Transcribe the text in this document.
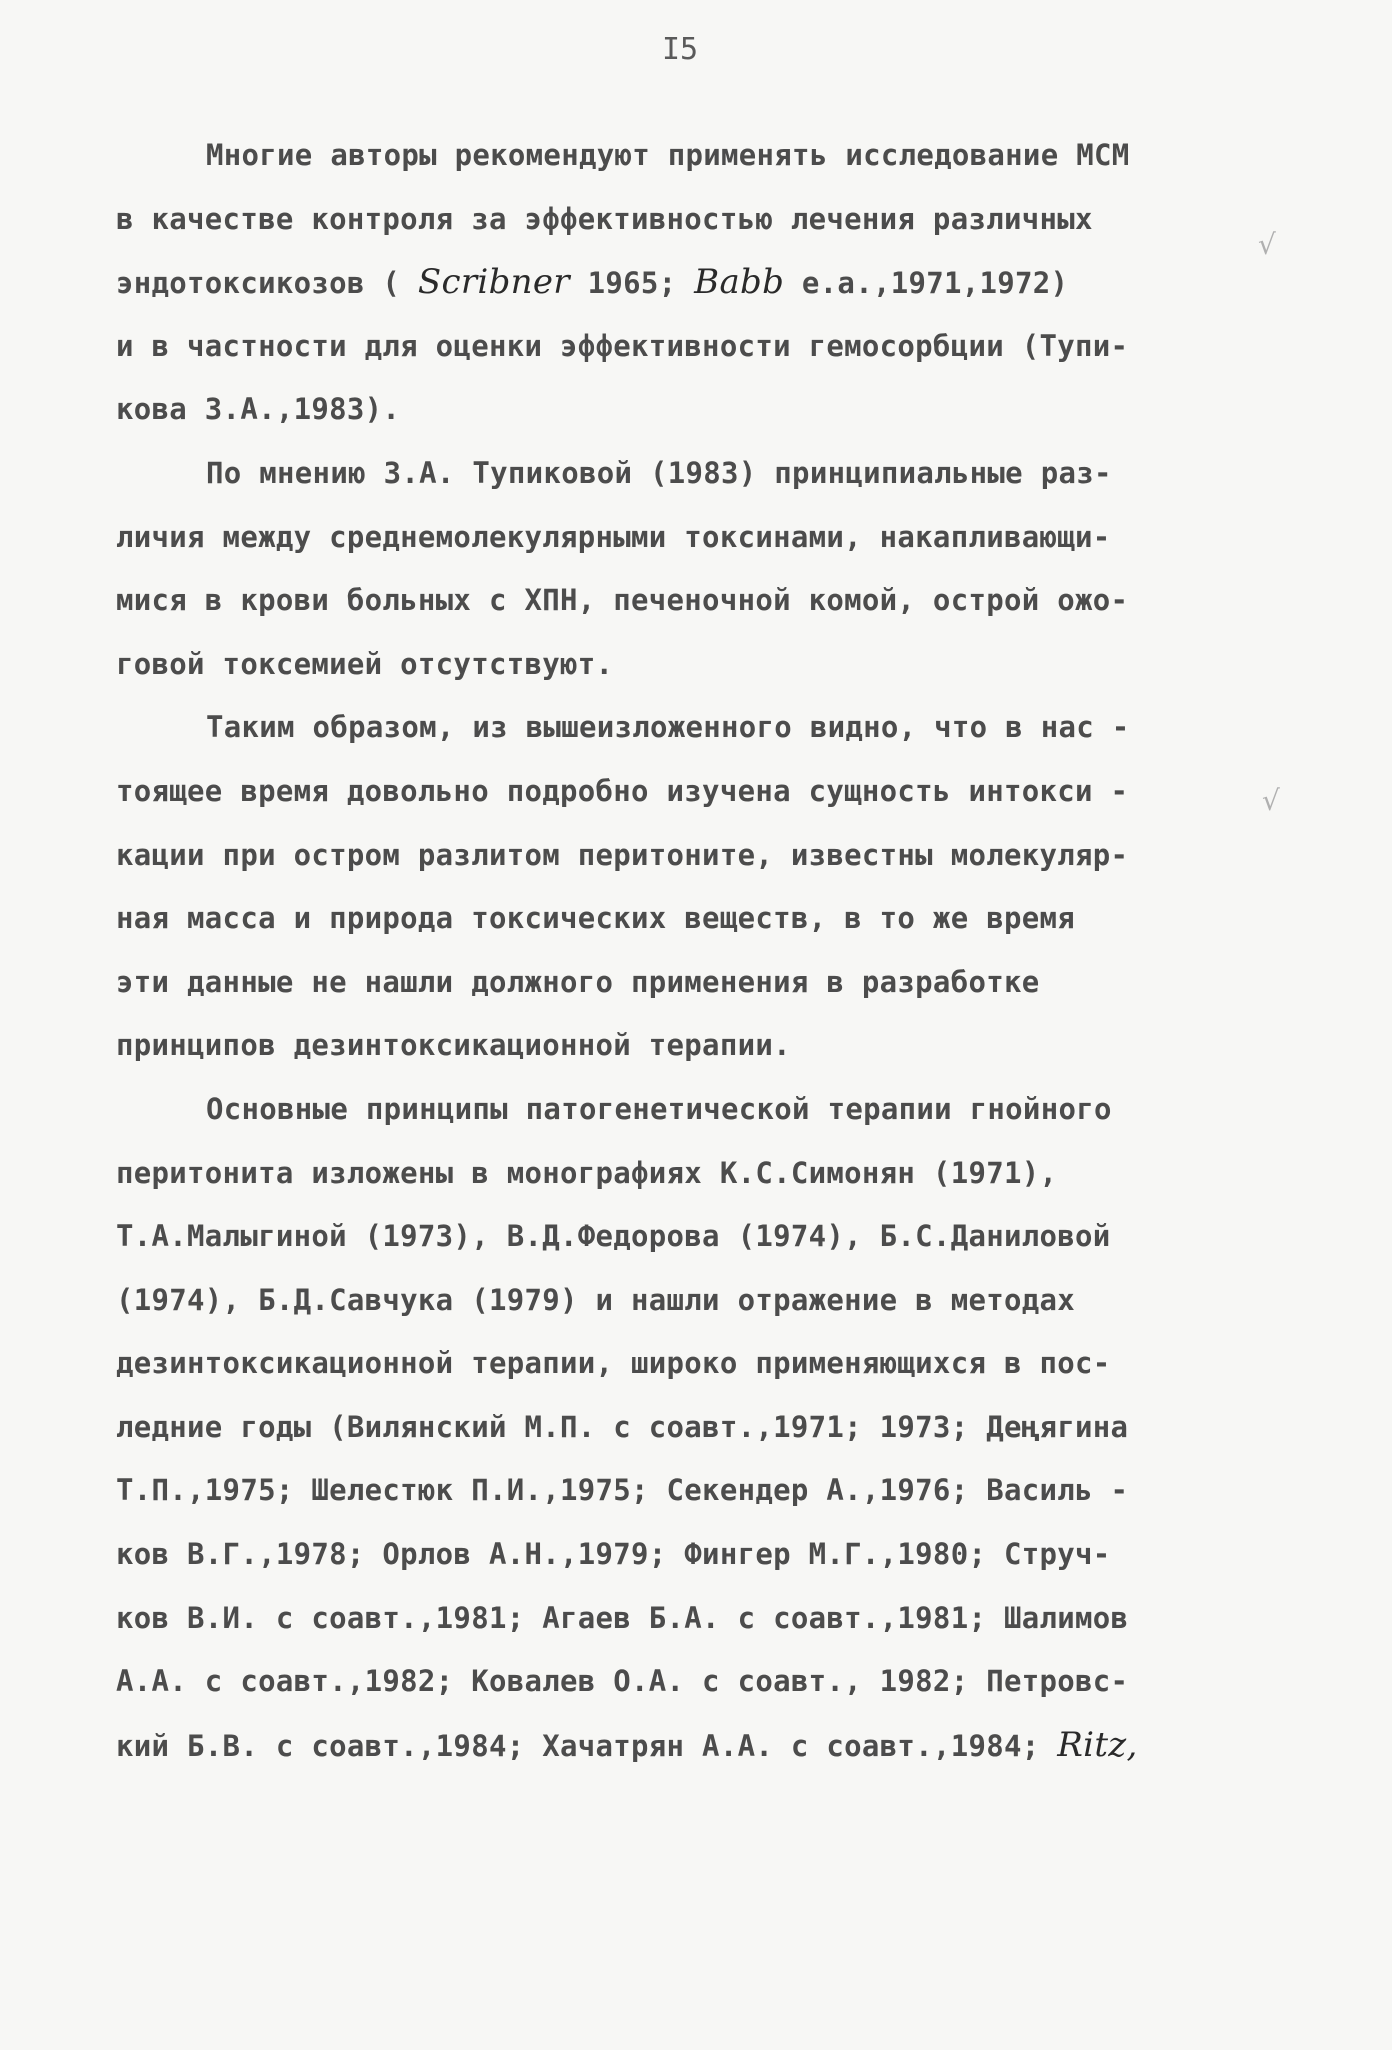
I5
Многие авторы рекомендуют применять исследование МСМ
в качестве контроля за эффективностью лечения различных
эндотоксикозов ( Scribner 1965; Babb е.а.,1971,1972)
и в частности для оценки эффективности гемосорбции (Тупи-
кова З.А.,1983).
По мнению З.А. Тупиковой (1983) принципиальные раз-
личия между среднемолекулярными токсинами, накапливающи-
мися в крови больных с ХПН, печеночной комой, острой ожо-
говой токсемией отсутствуют.
Таким образом, из вышеизложенного видно, что в нас -
тоящее время довольно подробно изучена сущность интокси -
кации при остром разлитом перитоните, известны молекуляр-
ная масса и природа токсических веществ, в то же время
эти данные не нашли должного применения в разработке
принципов дезинтоксикационной терапии.
Основные принципы патогенетической терапии гнойного
перитонита изложены в монографиях К.С.Симонян (1971),
Т.А.Малыгиной (1973), В.Д.Федорова (1974), Б.С.Даниловой
(1974), Б.Д.Савчука (1979) и нашли отражение в методах
дезинтоксикационной терапии, широко применяющихся в пос-
ледние годы (Вилянский М.П. с соавт.,1971; 1973; Деңягина
Т.П.,1975; Шелестюк П.И.,1975; Секендер А.,1976; Василь -
ков В.Г.,1978; Орлов А.Н.,1979; Фингер М.Г.,1980; Струч-
ков В.И. с соавт.,1981; Агаев Б.А. с соавт.,1981; Шалимов
А.А. с соавт.,1982; Ковалев О.А. с соавт., 1982; Петровс-
кий Б.В. с соавт.,1984; Хачатрян А.А. с соавт.,1984; Ritz,
√
√
